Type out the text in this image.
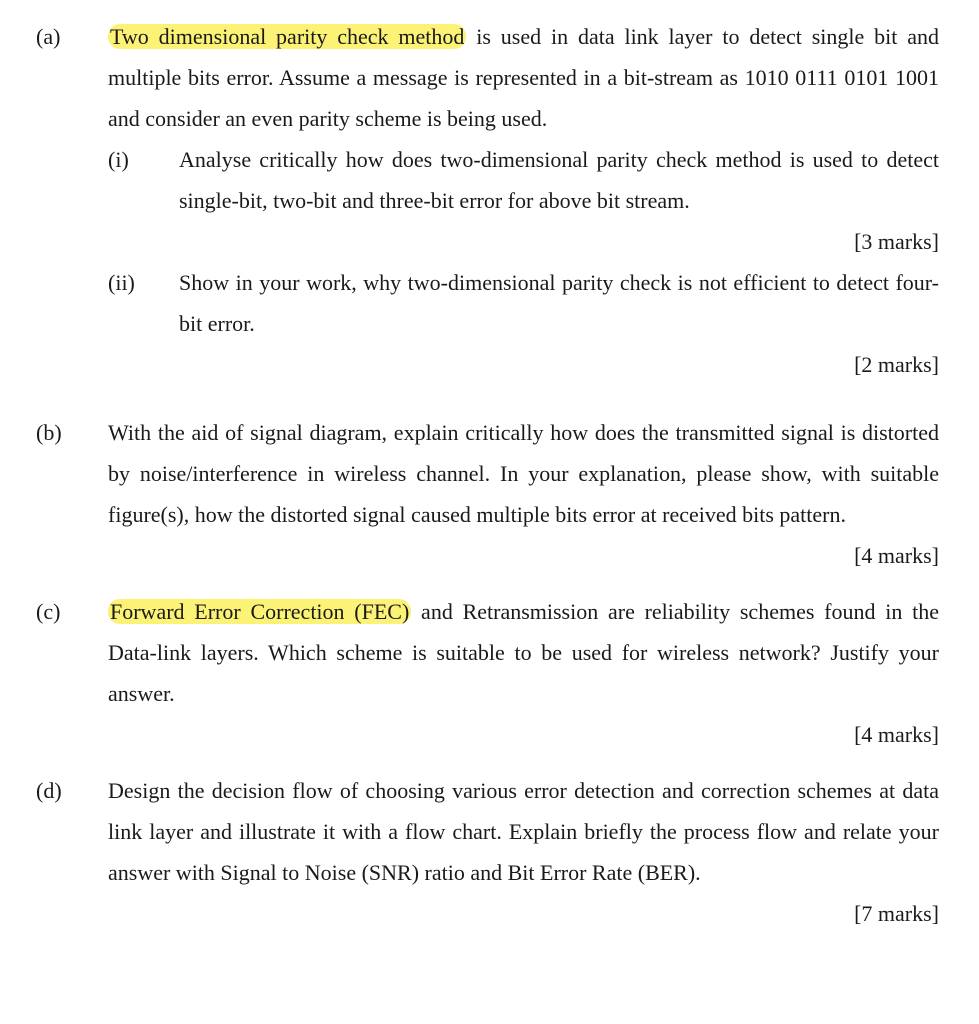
(a) Two dimensional parity check method is used in data link layer to detect single bit and multiple bits error. Assume a message is represented in a bit-stream as 1010 0111 0101 1001 and consider an even parity scheme is being used.
(i) Analyse critically how does two-dimensional parity check method is used to detect single-bit, two-bit and three-bit error for above bit stream.
[3 marks]
(ii) Show in your work, why two-dimensional parity check is not efficient to detect four-bit error.
[2 marks]
(b) With the aid of signal diagram, explain critically how does the transmitted signal is distorted by noise/interference in wireless channel. In your explanation, please show, with suitable figure(s), how the distorted signal caused multiple bits error at received bits pattern.
[4 marks]
(c) Forward Error Correction (FEC) and Retransmission are reliability schemes found in the Data-link layers. Which scheme is suitable to be used for wireless network? Justify your answer.
[4 marks]
(d) Design the decision flow of choosing various error detection and correction schemes at data link layer and illustrate it with a flow chart. Explain briefly the process flow and relate your answer with Signal to Noise (SNR) ratio and Bit Error Rate (BER).
[7 marks]
